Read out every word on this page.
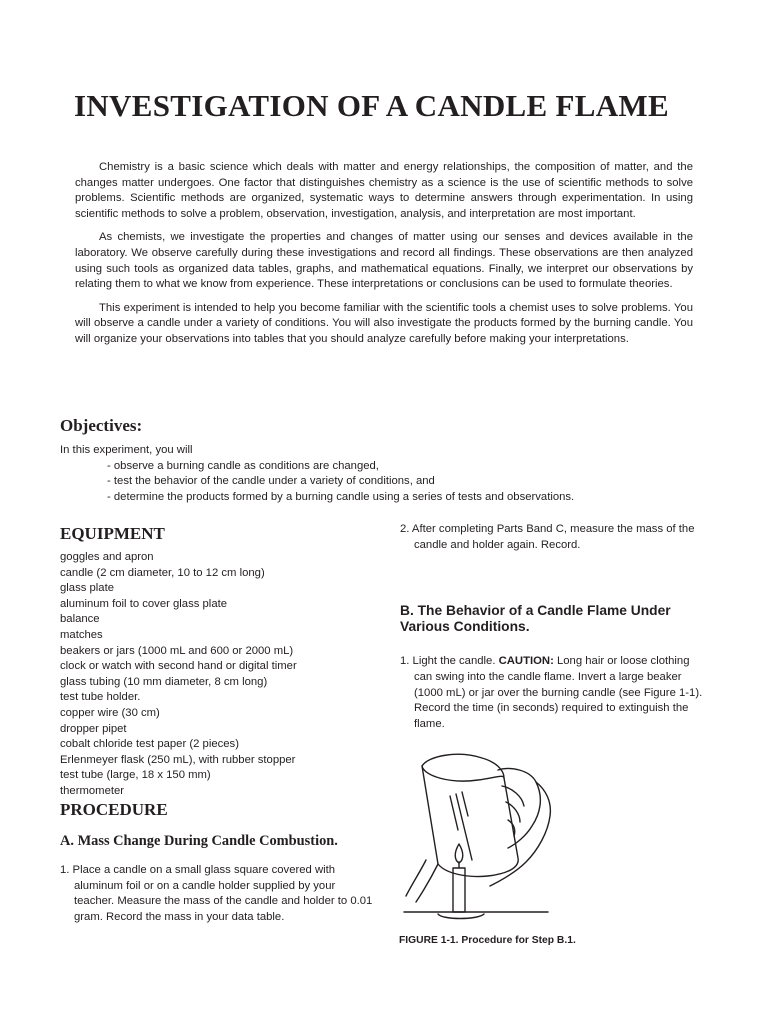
INVESTIGATION OF A CANDLE FLAME

Chemistry is a basic science which deals with matter and energy relationships, the composition of matter, and the changes matter undergoes. One factor that distinguishes chemistry as a science is the use of scientific methods to solve problems. Scientific methods are organized, systematic ways to determine answers through experimentation. In using scientific methods to solve a problem, observation, investigation, analysis, and interpretation are most important.

As chemists, we investigate the properties and changes of matter using our senses and devices available in the laboratory. We observe carefully during these investigations and record all findings. These observations are then analyzed using such tools as organized data tables, graphs, and mathematical equations. Finally, we interpret our observations by relating them to what we know from experience. These interpretations or conclusions can be used to formulate theories.

This experiment is intended to help you become familiar with the scientific tools a chemist uses to solve problems. You will observe a candle under a variety of conditions. You will also investigate the products formed by the burning candle. You will organize your observations into tables that you should analyze carefully before making your interpretations.

Objectives:

In this experiment, you will

- observe a burning candle as conditions are changed,
- test the behavior of the candle under a variety of conditions, and
- determine the products formed by a burning candle using a series of tests and observations.
EQUIPMENT
goggles and apron
candle (2 cm diameter, 10 to 12 cm long)
glass plate
aluminum foil to cover glass plate
balance
matches
beakers or jars (1000 mL and 600 or 2000 mL)
clock or watch with second hand or digital timer
glass tubing (10 mm diameter, 8 cm long)
test tube holder.
copper wire (30 cm)
dropper pipet
cobalt chloride test paper (2 pieces)
Erlenmeyer flask (250 mL), with rubber stopper
test tube (large, 18 x 150 mm)
thermometer
PROCEDURE
A. Mass Change During Candle Combustion.
1. Place a candle on a small glass square covered with aluminum foil or on a candle holder supplied by your teacher. Measure the mass of the candle and holder to 0.01 gram. Record the mass in your data table.
2. After completing Parts Band C, measure the mass of the candle and holder again. Record.
B. The Behavior of a Candle Flame Under Various Conditions.
1. Light the candle. CAUTION: Long hair or loose clothing can swing into the candle flame. Invert a large beaker (1000 mL) or jar over the burning candle (see Figure 1-1). Record the time (in seconds) required to extinguish the flame.
FIGURE 1-1. Procedure for Step B.1.
